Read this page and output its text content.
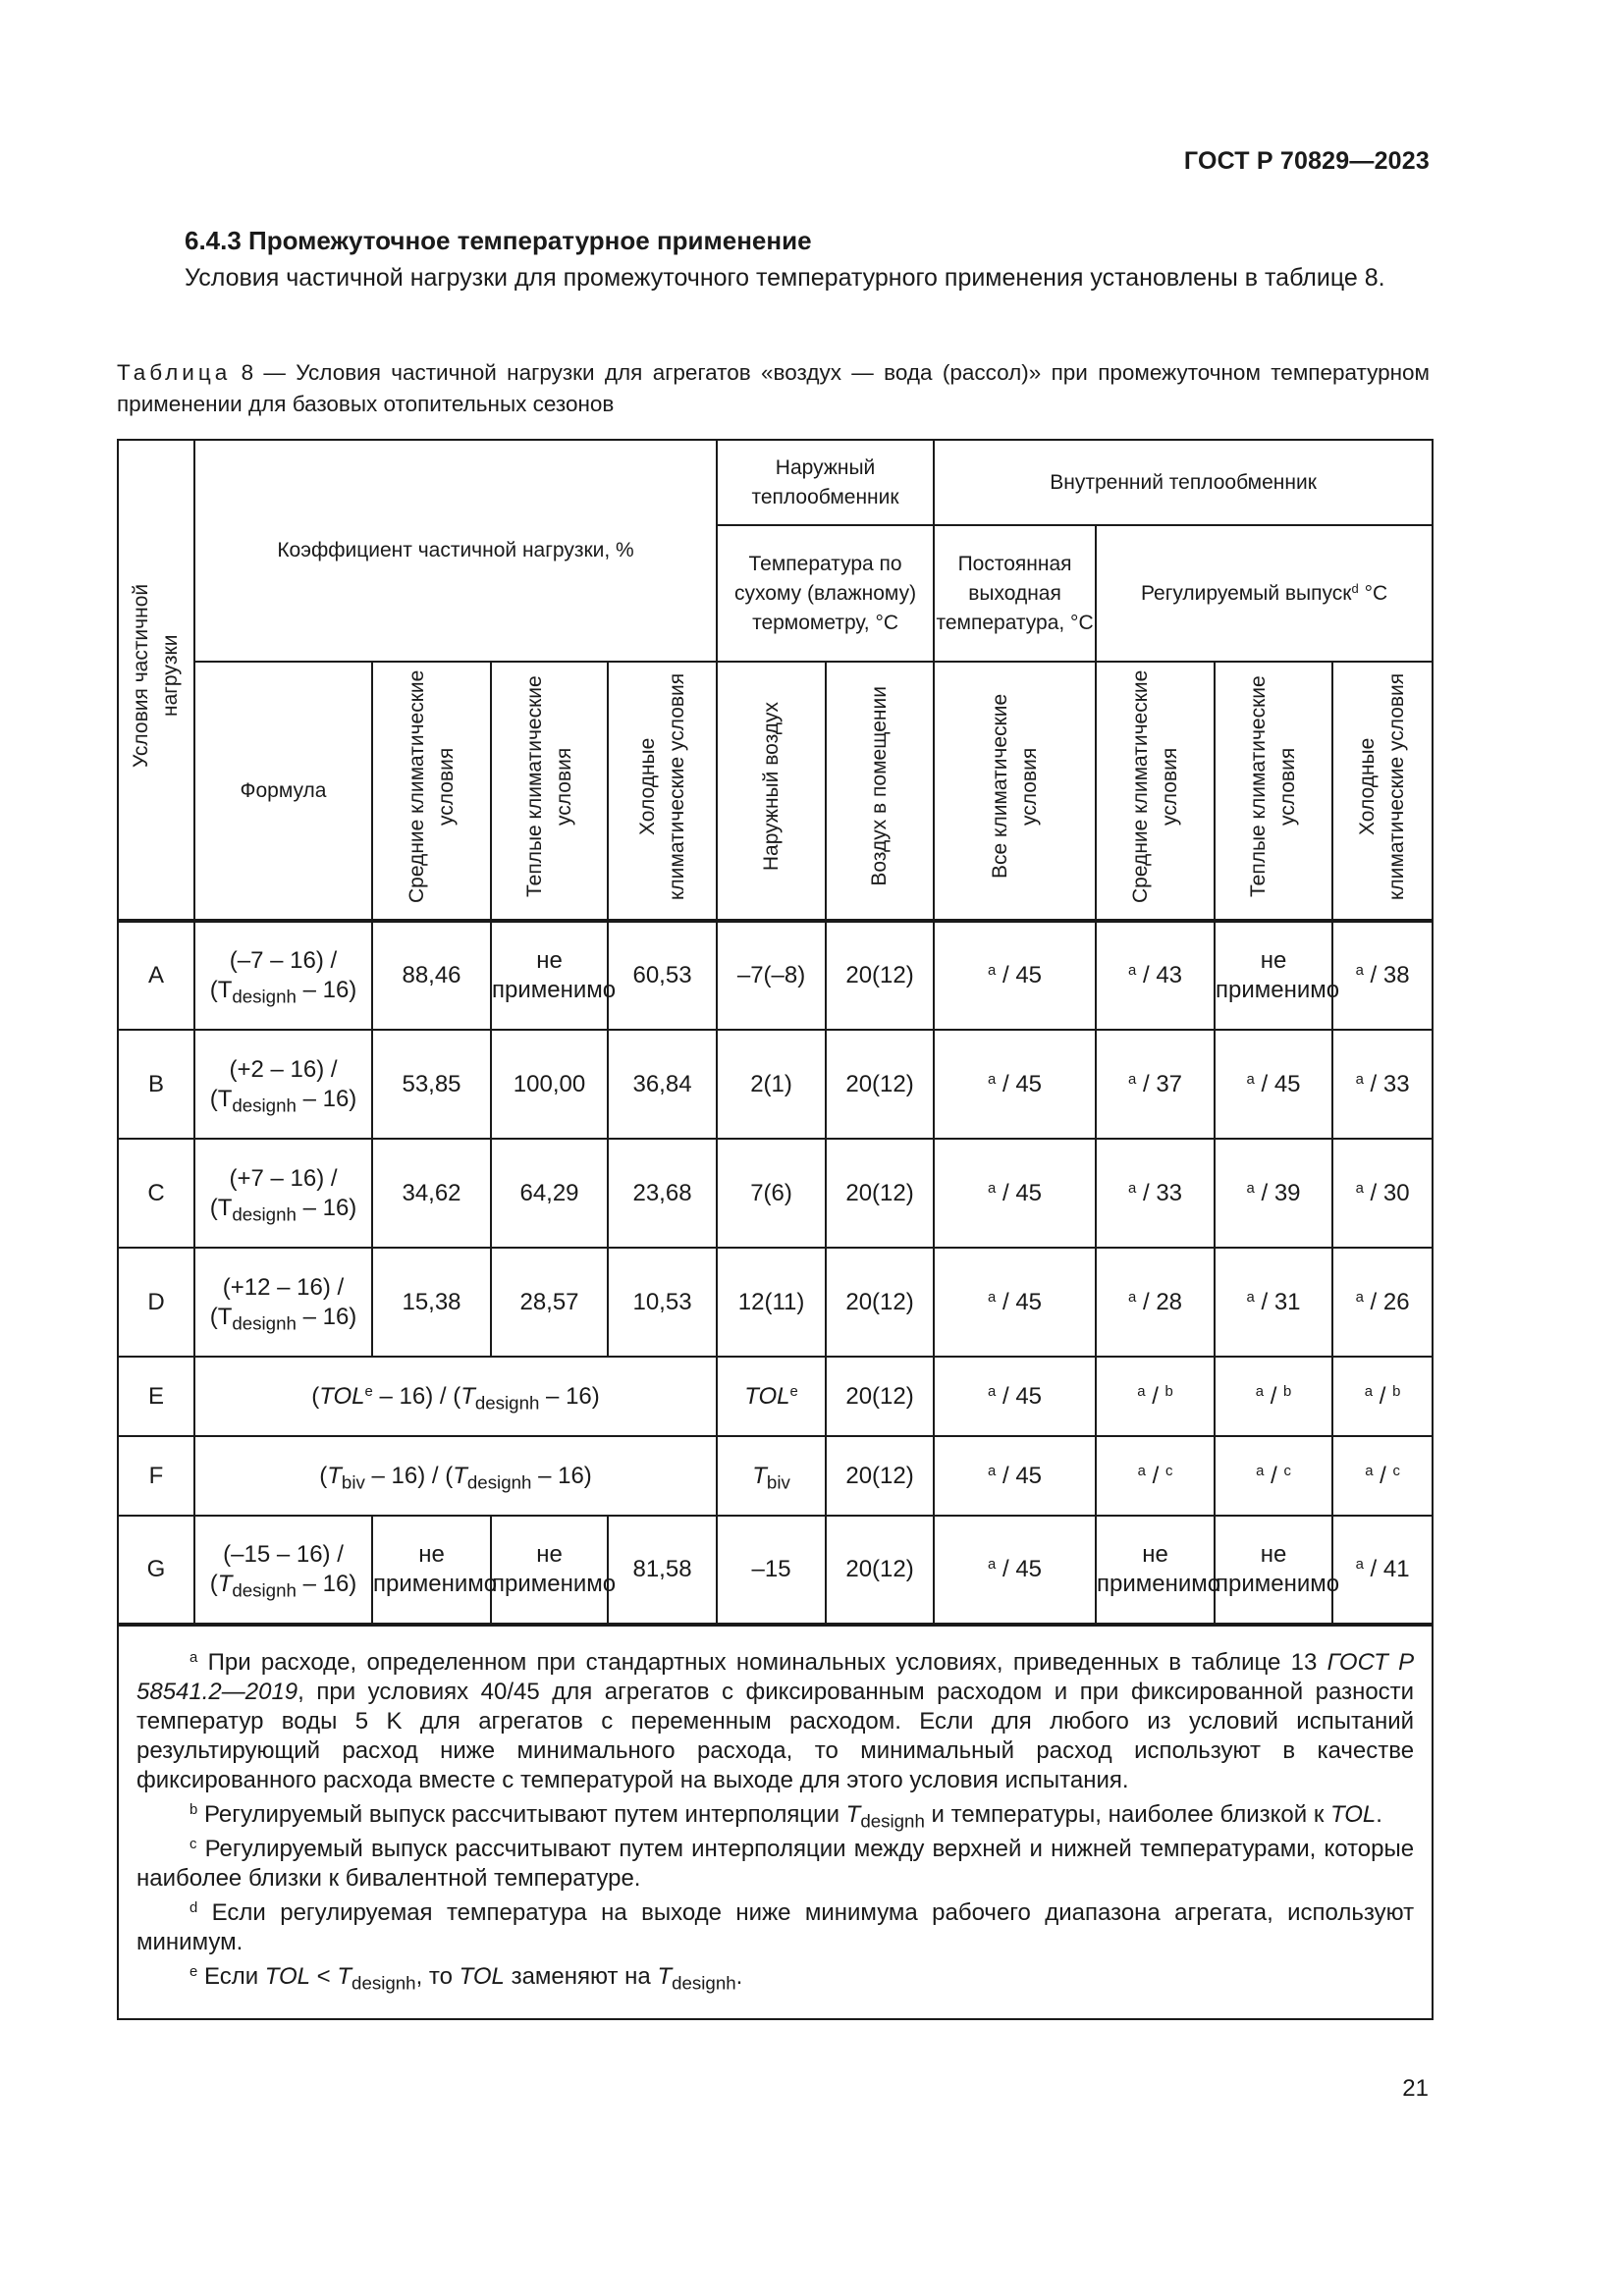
ГОСТ Р 70829—2023
6.4.3 Промежуточное температурное применение

Условия частичной нагрузки для промежуточного температурного применения установлены в таблице 8.

Таблица 8 — Условия частичной нагрузки для агрегатов «воздух — вода (рассол)» при промежуточном температурном применении для базовых отопительных сезонов

Условия частичной нагрузки	Коэффициент частичной нагрузки, %				Наружный теплообменник		Внутренний теплообменник			
					Температура по сухому (влажному) термометру, °C		Постоянная выходная температура, °C	Регулируемый выпуск$^d$ °C		
	Формула	Средние климатические условия	Теплые климатические условия	Холодные климатические условия	Наружный воздух	Воздух в помещении	Все климатические условия	Средние климатические условия	Теплые климатические условия	Холодные климатические условия
A	(–7 – 16) /
$(T_{designh} - 16)$	88,46	не применимо	60,53	–7(–8)	20(12)	$^a$ / 45	$^a$ / 43	не применимо	$^a$ / 38
B	(+2 – 16) /
$(T_{designh} - 16)$	53,85	100,00	36,84	2(1)	20(12)	$^a$ / 45	$^a$ / 37	$^a$ / 45	$^a$ / 33
C	(+7 – 16) /
$(T_{designh} - 16)$	34,62	64,29	23,68	7(6)	20(12)	$^a$ / 45	$^a$ / 33	$^a$ / 39	$^a$ / 30
D	(+12 – 16) /
$(T_{designh} - 16)$	15,38	28,57	10,53	12(11)	20(12)	$^a$ / 45	$^a$ / 28	$^a$ / 31	$^a$ / 26
E	$(TOL^e - 16) / (T_{designh} - 16)$				TOL$^e$	20(12)	$^a$ / 45	$^a$ / $^b$	$^a$ / $^b$	$^a$ / $^b$
F	$(T_{biv} - 16) / (T_{designh} - 16)$				$T_{biv}$	20(12)	$^a$ / 45	$^a$ / $^c$	$^a$ / $^c$	$^a$ / $^c$
G	(–15 – 16) /
$(T_{designh} - 16)$	не применимо	не применимо	81,58	–15	20(12)	$^a$ / 45	не применимо	не применимо	$^a$ / 41

$^a$ При расходе, определенном при стандартных номинальных условиях, приведенных в таблице 13 ГОСТ Р 58541.2—2019, при условиях 40/45 для агрегатов с фиксированным расходом и при фиксированной разности температур воды 5 K для агрегатов с переменным расходом. Если для любого из условий испытаний результирующий расход ниже минимального расхода, то минимальный расход используют в качестве фиксированного расхода вместе с температурой на выходе для этого условия испытания.

$^b$ Регулируемый выпуск рассчитывают путем интерполяции $T_{designh}$ и температуры, наиболее близкой к TOL.

$^c$ Регулируемый выпуск рассчитывают путем интерполяции между верхней и нижней температурами, которые наиболее близки к бивалентной температуре.

$^d$ Если регулируемая температура на выходе ниже минимума рабочего диапазона агрегата, используют минимум.

$^e$ Если TOL < $T_{designh}$, то TOL заменяют на $T_{designh}$.										

21
